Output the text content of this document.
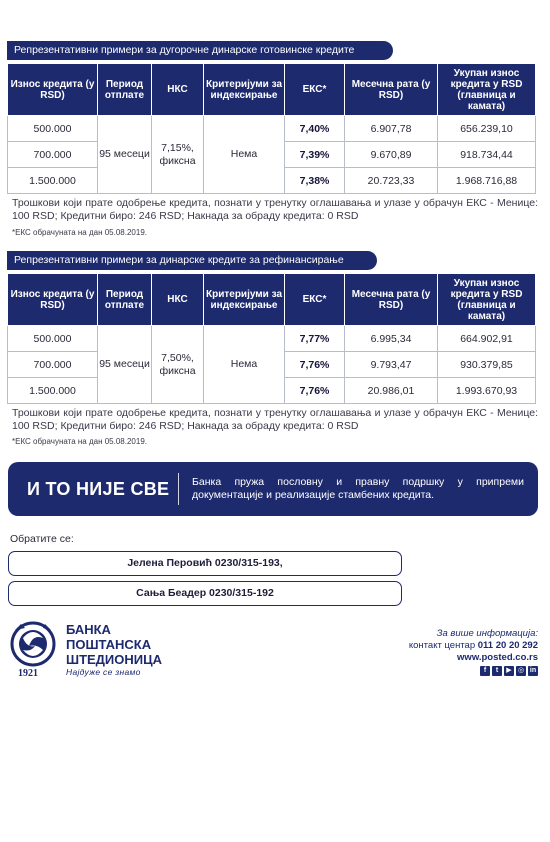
Репрезентативни примери за дугорочне динарске готовинске кредите
Износ кредита (у RSD)	Период отплате	НКС	Критеријуми за индексирање	ЕКС*	Месечна рата (у RSD)	Укупан износ кредита у RSD (главница и камата)
500.000	95 месеци	7,15%, фиксна	Нема	7,40%	6.907,78	656.239,10
700.000				7,39%	9.670,89	918.734,44
1.500.000				7,38%	20.723,33	1.968.716,88

Трошкови који прате одобрење кредита, познати у тренутку оглашавања и улазе у обрачун ЕКС - Менице: 100 RSD; Кредитни биро: 246 RSD; Накнада за обраду кредита: 0 RSD

*ЕКС обрачуната на дан 05.08.2019.

Репрезентативни примери за динарске кредите за рефинансирање
Износ кредита (у RSD)	Период отплате	НКС	Критеријуми за индексирање	ЕКС*	Месечна рата (у RSD)	Укупан износ кредита у RSD (главница и камата)
500.000	95 месеци	7,50%, фиксна	Нема	7,77%	6.995,34	664.902,91
700.000				7,76%	9.793,47	930.379,85
1.500.000				7,76%	20.986,01	1.993.670,93

Трошкови који прате одобрење кредита, познати у тренутку оглашавања и улазе у обрачун ЕКС - Менице: 100 RSD; Кредитни биро: 246 RSD; Накнада за обраду кредита: 0 RSD

*ЕКС обрачуната на дан 05.08.2019.

И ТО НИЈЕ СВЕ Банка пружа пословну и правну подршку у припреми документације и реализације стамбених кредита.
Обратите се:
Јелена Перовић 0230/315-193,
Сања Беадер 0230/315-192
1921
БАНКА
ПОШТАНСКА
ШТЕДИОНИЦА
Најдуже се знамо
За више информација:
контакт центар 011 20 20 292
www.posted.co.rs
f	t	▶ ◎ in
